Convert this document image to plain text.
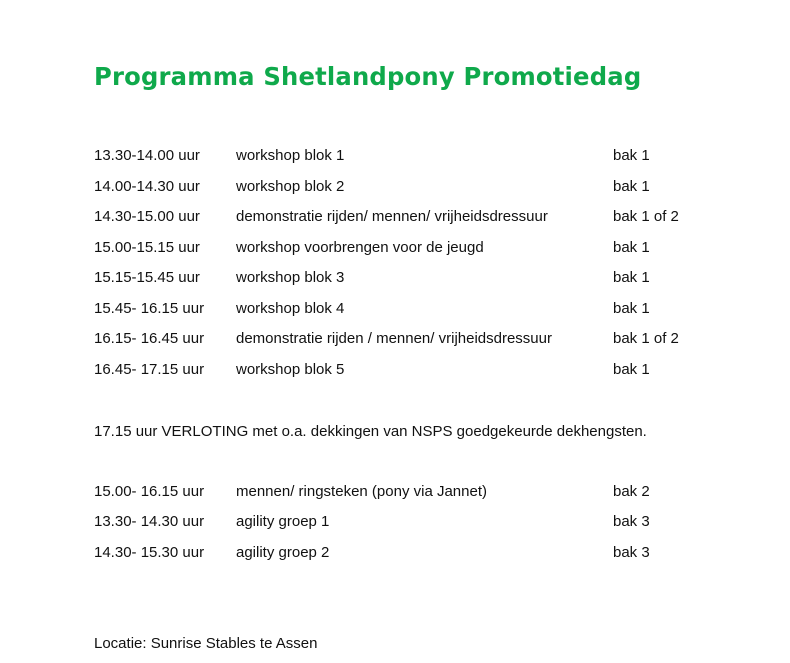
Programma Shetlandpony Promotiedag
13.30-14.00 uur workshop blok 1	bak 1
14.00-14.30 uur workshop blok 2	bak 1
14.30-15.00 uur demonstratie rijden/ mennen/ vrijheidsdressuur	bak 1 of 2
15.00-15.15 uur workshop voorbrengen voor de jeugd	bak 1
15.15-15.45 uur workshop blok 3	bak 1
15.45- 16.15 uur workshop blok 4	bak 1
16.15- 16.45 uur demonstratie rijden / mennen/ vrijheidsdressuur	bak 1 of 2
16.45- 17.15 uur workshop blok 5	bak 1
17.15 uur VERLOTING met o.a. dekkingen van NSPS goedgekeurde dekhengsten.
15.00- 16.15 uur mennen/ ringsteken (pony via Jannet)	bak 2
13.30- 14.30 uur agility groep 1	bak 3
14.30- 15.30 uur agility groep 2	bak 3
Locatie: Sunrise Stables te Assen
